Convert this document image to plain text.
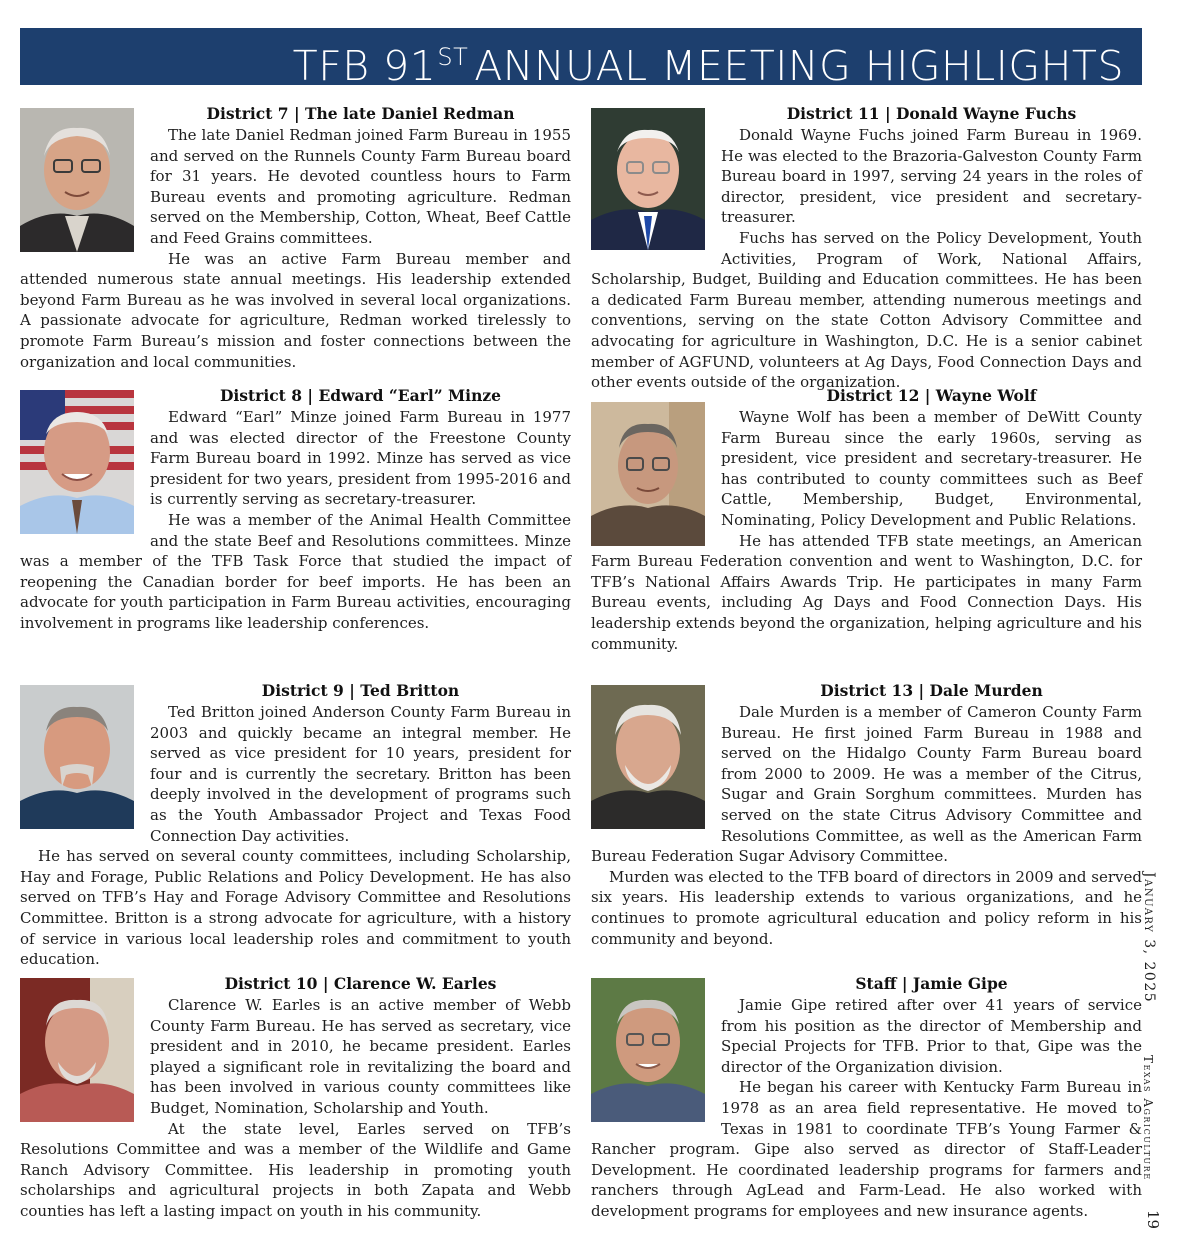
TFB 91ST ANNUAL MEETING HIGHLIGHTS
District 7 | The late Daniel Redman

The late Daniel Redman joined Farm Bureau in 1955 and served on the Runnels County Farm Bureau board for 31 years. He devoted countless hours to Farm Bureau events and promoting agriculture. Redman served on the Membership, Cotton, Wheat, Beef Cattle and Feed Grains committees.

He was an active Farm Bureau member and attended numerous state annual meetings. His leadership extended beyond Farm Bureau as he was involved in several local organizations. A passionate advocate for agriculture, Redman worked tirelessly to promote Farm Bureau’s mission and foster connections between the organization and local communities.

District 11 | Donald Wayne Fuchs

Donald Wayne Fuchs joined Farm Bureau in 1969. He was elected to the Brazoria-Galveston County Farm Bureau board in 1997, serving 24 years in the roles of director, president, vice president and secretary-treasurer.

Fuchs has served on the Policy Development, Youth Activities, Program of Work, National Affairs, Scholarship, Budget, Building and Education committees. He has been a dedicated Farm Bureau member, attending numerous meetings and conventions, serving on the state Cotton Advisory Committee and advocating for agriculture in Washington, D.C. He is a senior cabinet member of AGFUND, volunteers at Ag Days, Food Connection Days and other events outside of the organization.

District 8 | Edward “Earl” Minze

Edward “Earl” Minze joined Farm Bureau in 1977 and was elected director of the Freestone County Farm Bureau board in 1992. Minze has served as vice president for two years, president from 1995-2016 and is currently serving as secretary-treasurer.

He was a member of the Animal Health Committee and the state Beef and Resolutions committees. Minze was a member of the TFB Task Force that studied the impact of reopening the Canadian border for beef imports. He has been an advocate for youth participation in Farm Bureau activities, encouraging involvement in programs like leadership conferences.

District 12 | Wayne Wolf

Wayne Wolf has been a member of DeWitt County Farm Bureau since the early 1960s, serving as president, vice president and secretary-treasurer. He has contributed to county committees such as Beef Cattle, Membership, Budget, Environmental, Nominating, Policy Development and Public Relations.

He has attended TFB state meetings, an American Farm Bureau Federation convention and went to Washington, D.C. for TFB’s National Affairs Awards Trip. He participates in many Farm Bureau events, including Ag Days and Food Connection Days. His leadership extends beyond the organization, helping agriculture and his community.

District 9 | Ted Britton

Ted Britton joined Anderson County Farm Bureau in 2003 and quickly became an integral member. He served as vice president for 10 years, president for four and is currently the secretary. Britton has been deeply involved in the development of programs such as the Youth Ambassador Project and Texas Food Connection Day activities.

He has served on several county committees, including Scholarship, Hay and Forage, Public Relations and Policy Development. He has also served on TFB’s Hay and Forage Advisory Committee and Resolutions Committee. Britton is a strong advocate for agriculture, with a history of service in various local leadership roles and commitment to youth education.

District 13 | Dale Murden

Dale Murden is a member of Cameron County Farm Bureau. He first joined Farm Bureau in 1988 and served on the Hidalgo County Farm Bureau board from 2000 to 2009. He was a member of the Citrus, Sugar and Grain Sorghum committees. Murden has served on the state Citrus Advisory Committee and Resolutions Committee, as well as the American Farm Bureau Federation Sugar Advisory Committee.

Murden was elected to the TFB board of directors in 2009 and served six years. His leadership extends to various organizations, and he continues to promote agricultural education and policy reform in his community and beyond.

District 10 | Clarence W. Earles

Clarence W. Earles is an active member of Webb County Farm Bureau. He has served as secretary, vice president and in 2010, he became president. Earles played a significant role in revitalizing the board and has been involved in various county committees like Budget, Nomination, Scholarship and Youth.

At the state level, Earles served on TFB’s Resolutions Committee and was a member of the Wildlife and Game Ranch Advisory Committee. His leadership in promoting youth scholarships and agricultural projects in both Zapata and Webb counties has left a lasting impact on youth in his community.

Staff | Jamie Gipe

Jamie Gipe retired after over 41 years of service from his position as the director of Membership and Special Projects for TFB. Prior to that, Gipe was the director of the Organization division.

He began his career with Kentucky Farm Bureau in 1978 as an area field representative. He moved to Texas in 1981 to coordinate TFB’s Young Farmer & Rancher program. Gipe also served as director of Staff-Leader Development. He coordinated leadership programs for farmers and ranchers through AgLead and Farm-Lead. He also worked with development programs for employees and new insurance agents.

January 3, 2025
Texas Agriculture
19
